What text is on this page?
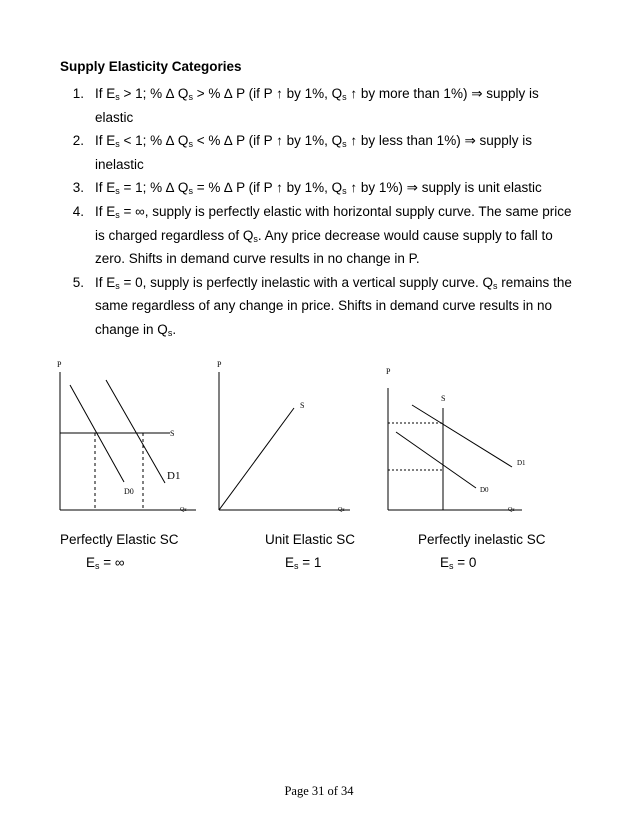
Supply Elasticity Categories
1. If $E_s > 1$; % ∆ $Q_s$ > % ∆ P (if P ↑ by 1%, $Q_s$ ↑ by more than 1%) ⇒ supply is
elastic
2. If $E_s < 1$; % ∆ $Q_s$ < % ∆ P (if P ↑ by 1%, $Q_s$ ↑ by less than 1%) ⇒ supply is
inelastic
3. If $E_s = 1$; % ∆ $Q_s$ = % ∆ P (if P ↑ by 1%, $Q_s$ ↑ by 1%) ⇒ supply is unit elastic
4. If $E_s$ = ∞, supply is perfectly elastic with horizontal supply curve. The same price
is charged regardless of $Q_s$. Any price decrease would cause supply to fall to
zero. Shifts in demand curve results in no change in P.
5. If $E_s = 0$, supply is perfectly inelastic with a vertical supply curve. $Q_s$ remains the
same regardless of any change in price. Shifts in demand curve results in no
change in $Q_s$.
P
S
D0
D1
Qs
P
S
Qs
P
S
D1
D0
Qs
Perfectly Elastic SC
$E_s$ = ∞
Unit Elastic SC
$E_s = 1$
Perfectly inelastic SC
$E_s = 0$
Page 31 of 34
